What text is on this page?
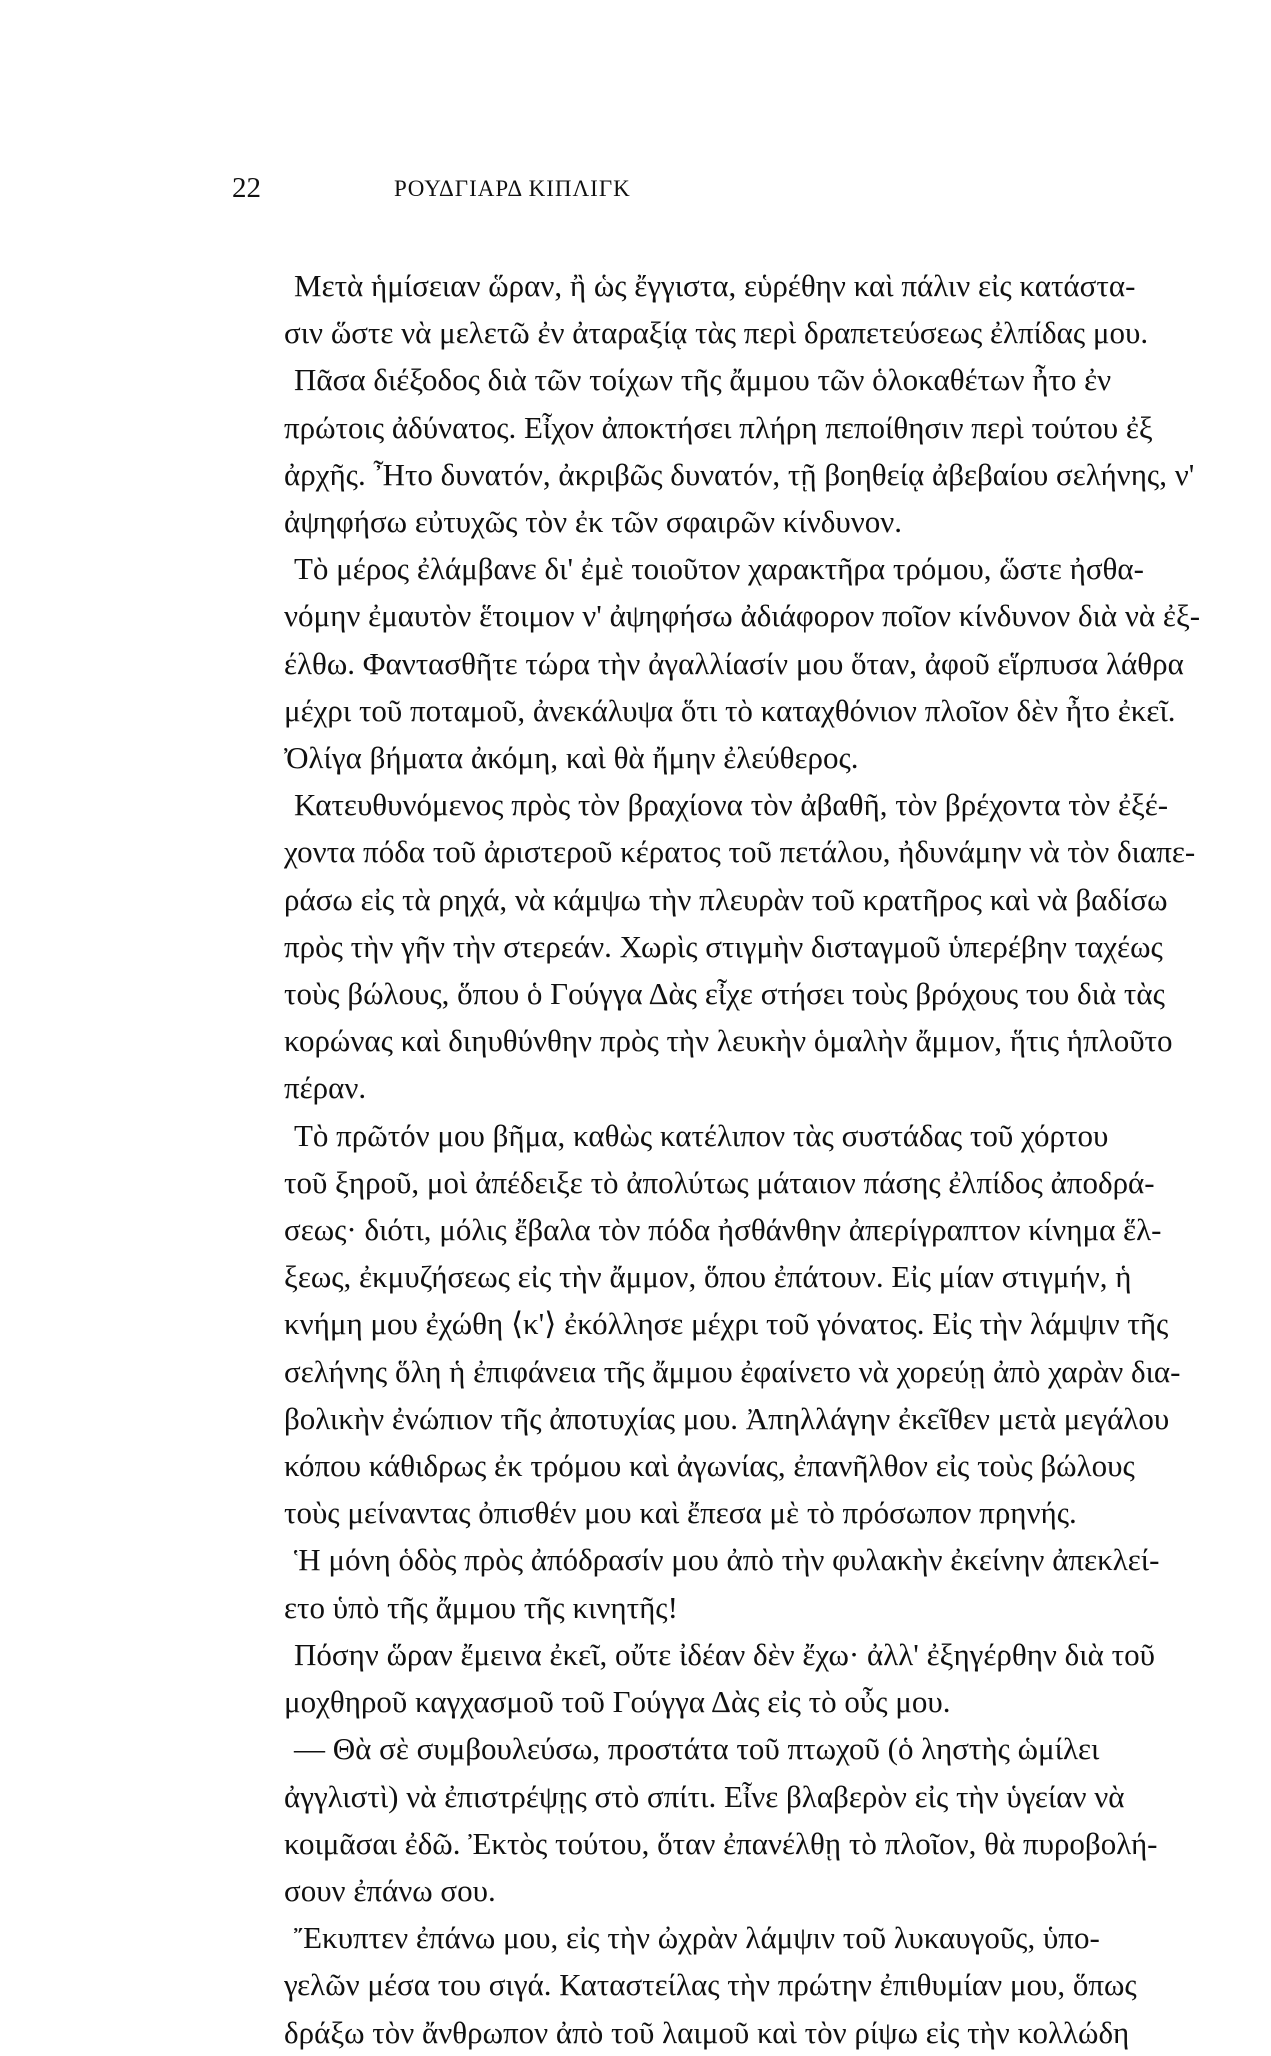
22	ΡΟΥΔΓΙΑΡΔ ΚΙΠΛΙΓΚ
Μετὰ ἡμίσειαν ὥραν, ἢ ὡς ἔγγιστα, εὑρέθην καὶ πάλιν εἰς κατάστα-
σιν ὥστε νὰ μελετῶ ἐν ἀταραξίᾳ τὰς περὶ δραπετεύσεως ἐλπίδας μου.
Πᾶσα διέξοδος διὰ τῶν τοίχων τῆς ἄμμου τῶν ὁλοκαθέτων ἦτο ἐν
πρώτοις ἀδύνατος. Εἶχον ἀποκτήσει πλήρη πεποίθησιν περὶ τούτου ἐξ
ἀρχῆς. Ἦτο δυνατόν, ἀκριβῶς δυνατόν, τῇ βοηθείᾳ ἀβεβαίου σελήνης, ν'
ἀψηφήσω εὐτυχῶς τὸν ἐκ τῶν σφαιρῶν κίνδυνον.
Τὸ μέρος ἐλάμβανε δι' ἐμὲ τοιοῦτον χαρακτῆρα τρόμου, ὥστε ἠσθα-
νόμην ἐμαυτὸν ἕτοιμον ν' ἀψηφήσω ἀδιάφορον ποῖον κίνδυνον διὰ νὰ ἐξ-
έλθω. Φαντασθῆτε τώρα τὴν ἀγαλλίασίν μου ὅταν, ἀφοῦ εἵρπυσα λάθρα
μέχρι τοῦ ποταμοῦ, ἀνεκάλυψα ὅτι τὸ καταχθόνιον πλοῖον δὲν ἦτο ἐκεῖ.
Ὀλίγα βήματα ἀκόμη, καὶ θὰ ἤμην ἐλεύθερος.
Κατευθυνόμενος πρὸς τὸν βραχίονα τὸν ἀβαθῆ, τὸν βρέχοντα τὸν ἐξέ-
χοντα πόδα τοῦ ἀριστεροῦ κέρατος τοῦ πετάλου, ἠδυνάμην νὰ τὸν διαπε-
ράσω εἰς τὰ ρηχά, νὰ κάμψω τὴν πλευρὰν τοῦ κρατῆρος καὶ νὰ βαδίσω
πρὸς τὴν γῆν τὴν στερεάν. Χωρὶς στιγμὴν δισταγμοῦ ὑπερέβην ταχέως
τοὺς βώλους, ὅπου ὁ Γούγγα Δὰς εἶχε στήσει τοὺς βρόχους του διὰ τὰς
κορώνας καὶ διηυθύνθην πρὸς τὴν λευκὴν ὁμαλὴν ἄμμον, ἥτις ἡπλοῦτο
πέραν.
Τὸ πρῶτόν μου βῆμα, καθὼς κατέλιπον τὰς συστάδας τοῦ χόρτου
τοῦ ξηροῦ, μοὶ ἀπέδειξε τὸ ἀπολύτως μάταιον πάσης ἐλπίδος ἀποδρά-
σεως· διότι, μόλις ἔβαλα τὸν πόδα ἠσθάνθην ἀπερίγραπτον κίνημα ἕλ-
ξεως, ἐκμυζήσεως εἰς τὴν ἄμμον, ὅπου ἐπάτουν. Εἰς μίαν στιγμήν, ἡ
κνήμη μου ἐχώθη ⟨κ'⟩ ἐκόλλησε μέχρι τοῦ γόνατος. Εἰς τὴν λάμψιν τῆς
σελήνης ὅλη ἡ ἐπιφάνεια τῆς ἄμμου ἐφαίνετο νὰ χορεύῃ ἀπὸ χαρὰν δια-
βολικὴν ἐνώπιον τῆς ἀποτυχίας μου. Ἀπηλλάγην ἐκεῖθεν μετὰ μεγάλου
κόπου κάθιδρως ἐκ τρόμου καὶ ἀγωνίας, ἐπανῆλθον εἰς τοὺς βώλους
τοὺς μείναντας ὀπισθέν μου καὶ ἔπεσα μὲ τὸ πρόσωπον πρηνής.
Ἡ μόνη ὁδὸς πρὸς ἀπόδρασίν μου ἀπὸ τὴν φυλακὴν ἐκείνην ἀπεκλεί-
ετο ὑπὸ τῆς ἄμμου τῆς κινητῆς!
Πόσην ὥραν ἔμεινα ἐκεῖ, οὔτε ἰδέαν δὲν ἔχω· ἀλλ' ἐξηγέρθην διὰ τοῦ
μοχθηροῦ καγχασμοῦ τοῦ Γούγγα Δὰς εἰς τὸ οὖς μου.
— Θὰ σὲ συμβουλεύσω, προστάτα τοῦ πτωχοῦ (ὁ ληστὴς ὡμίλει
ἀγγλιστὶ) νὰ ἐπιστρέψῃς στὸ σπίτι. Εἶνε βλαβερὸν εἰς τὴν ὑγείαν νὰ
κοιμᾶσαι ἐδῶ. Ἐκτὸς τούτου, ὅταν ἐπανέλθῃ τὸ πλοῖον, θὰ πυροβολή-
σουν ἐπάνω σου.
Ἔκυπτεν ἐπάνω μου, εἰς τὴν ὠχρὰν λάμψιν τοῦ λυκαυγοῦς, ὑπο-
γελῶν μέσα του σιγά. Καταστείλας τὴν πρώτην ἐπιθυμίαν μου, ὅπως
δράξω τὸν ἄνθρωπον ἀπὸ τοῦ λαιμοῦ καὶ τὸν ρίψω εἰς τὴν κολλώδη
